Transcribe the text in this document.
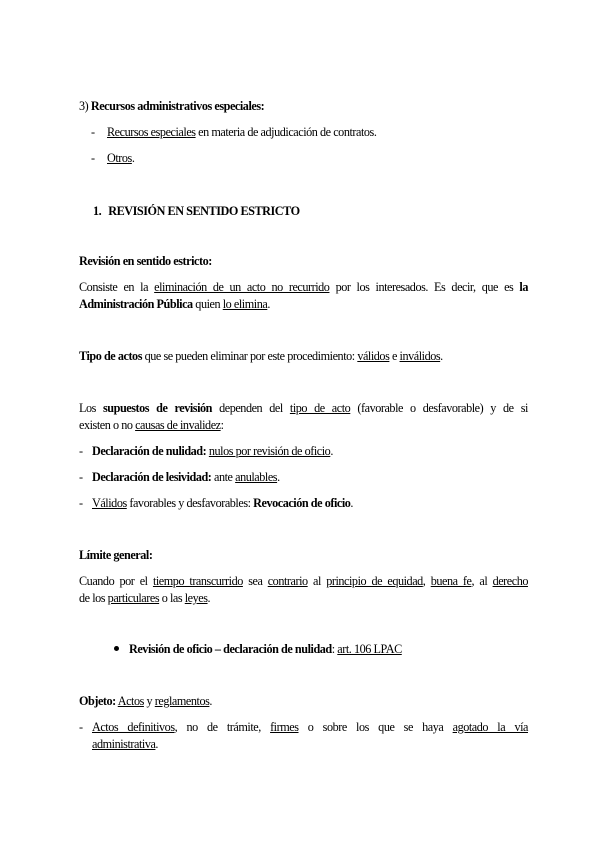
3) Recursos administrativos especiales:
- Recursos especiales en materia de adjudicación de contratos.
- Otros.
1. REVISIÓN EN SENTIDO ESTRICTO
Revisión en sentido estricto:
Consiste en la eliminación de un acto no recurrido por los interesados. Es decir, que es la
Administración Pública quien lo elimina.
Tipo de actos que se pueden eliminar por este procedimiento: válidos e inválidos.
Los supuestos de revisión dependen del tipo de acto (favorable o desfavorable) y de si
existen o no causas de invalidez:
- Declaración de nulidad: nulos por revisión de oficio.
- Declaración de lesividad: ante anulables.
- Válidos favorables y desfavorables: Revocación de oficio.
Límite general:
Cuando por el tiempo transcurrido sea contrario al principio de equidad, buena fe, al derecho
de los particulares o las leyes.
Revisión de oficio – declaración de nulidad: art. 106 LPAC
Objeto: Actos y reglamentos.
- Actos definitivos, no de trámite, firmes o sobre los que se haya agotado la vía
administrativa.
